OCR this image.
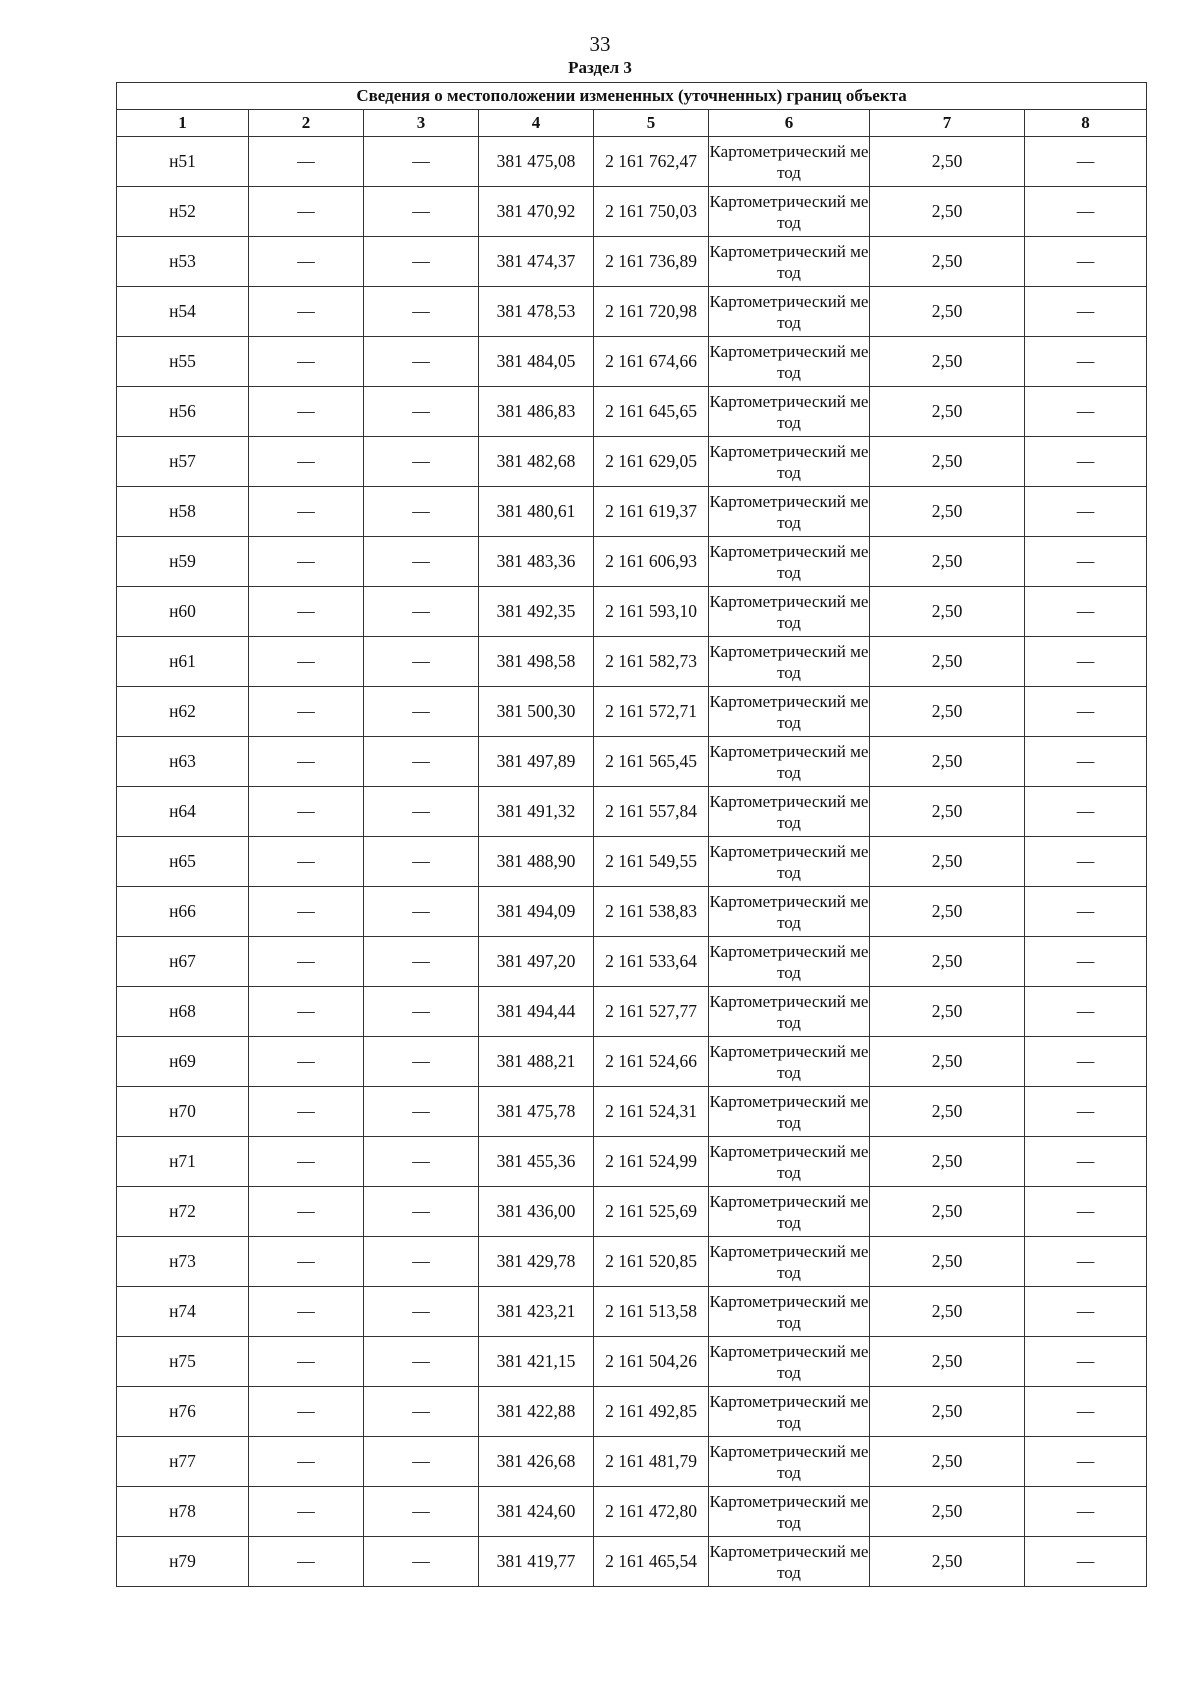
33
Раздел 3
Сведения о местоположении измененных (уточненных) границ объекта							
1	2	3	4	5	6	7	8
н51	—	—	381 475,08	2 161 762,47	Картометрический метод	2,50	—
н52	—	—	381 470,92	2 161 750,03	Картометрический метод	2,50	—
н53	—	—	381 474,37	2 161 736,89	Картометрический метод	2,50	—
н54	—	—	381 478,53	2 161 720,98	Картометрический метод	2,50	—
н55	—	—	381 484,05	2 161 674,66	Картометрический метод	2,50	—
н56	—	—	381 486,83	2 161 645,65	Картометрический метод	2,50	—
н57	—	—	381 482,68	2 161 629,05	Картометрический метод	2,50	—
н58	—	—	381 480,61	2 161 619,37	Картометрический метод	2,50	—
н59	—	—	381 483,36	2 161 606,93	Картометрический метод	2,50	—
н60	—	—	381 492,35	2 161 593,10	Картометрический метод	2,50	—
н61	—	—	381 498,58	2 161 582,73	Картометрический метод	2,50	—
н62	—	—	381 500,30	2 161 572,71	Картометрический метод	2,50	—
н63	—	—	381 497,89	2 161 565,45	Картометрический метод	2,50	—
н64	—	—	381 491,32	2 161 557,84	Картометрический метод	2,50	—
н65	—	—	381 488,90	2 161 549,55	Картометрический метод	2,50	—
н66	—	—	381 494,09	2 161 538,83	Картометрический метод	2,50	—
н67	—	—	381 497,20	2 161 533,64	Картометрический метод	2,50	—
н68	—	—	381 494,44	2 161 527,77	Картометрический метод	2,50	—
н69	—	—	381 488,21	2 161 524,66	Картометрический метод	2,50	—
н70	—	—	381 475,78	2 161 524,31	Картометрический метод	2,50	—
н71	—	—	381 455,36	2 161 524,99	Картометрический метод	2,50	—
н72	—	—	381 436,00	2 161 525,69	Картометрический метод	2,50	—
н73	—	—	381 429,78	2 161 520,85	Картометрический метод	2,50	—
н74	—	—	381 423,21	2 161 513,58	Картометрический метод	2,50	—
н75	—	—	381 421,15	2 161 504,26	Картометрический метод	2,50	—
н76	—	—	381 422,88	2 161 492,85	Картометрический метод	2,50	—
н77	—	—	381 426,68	2 161 481,79	Картометрический метод	2,50	—
н78	—	—	381 424,60	2 161 472,80	Картометрический метод	2,50	—
н79	—	—	381 419,77	2 161 465,54	Картометрический метод	2,50	—
